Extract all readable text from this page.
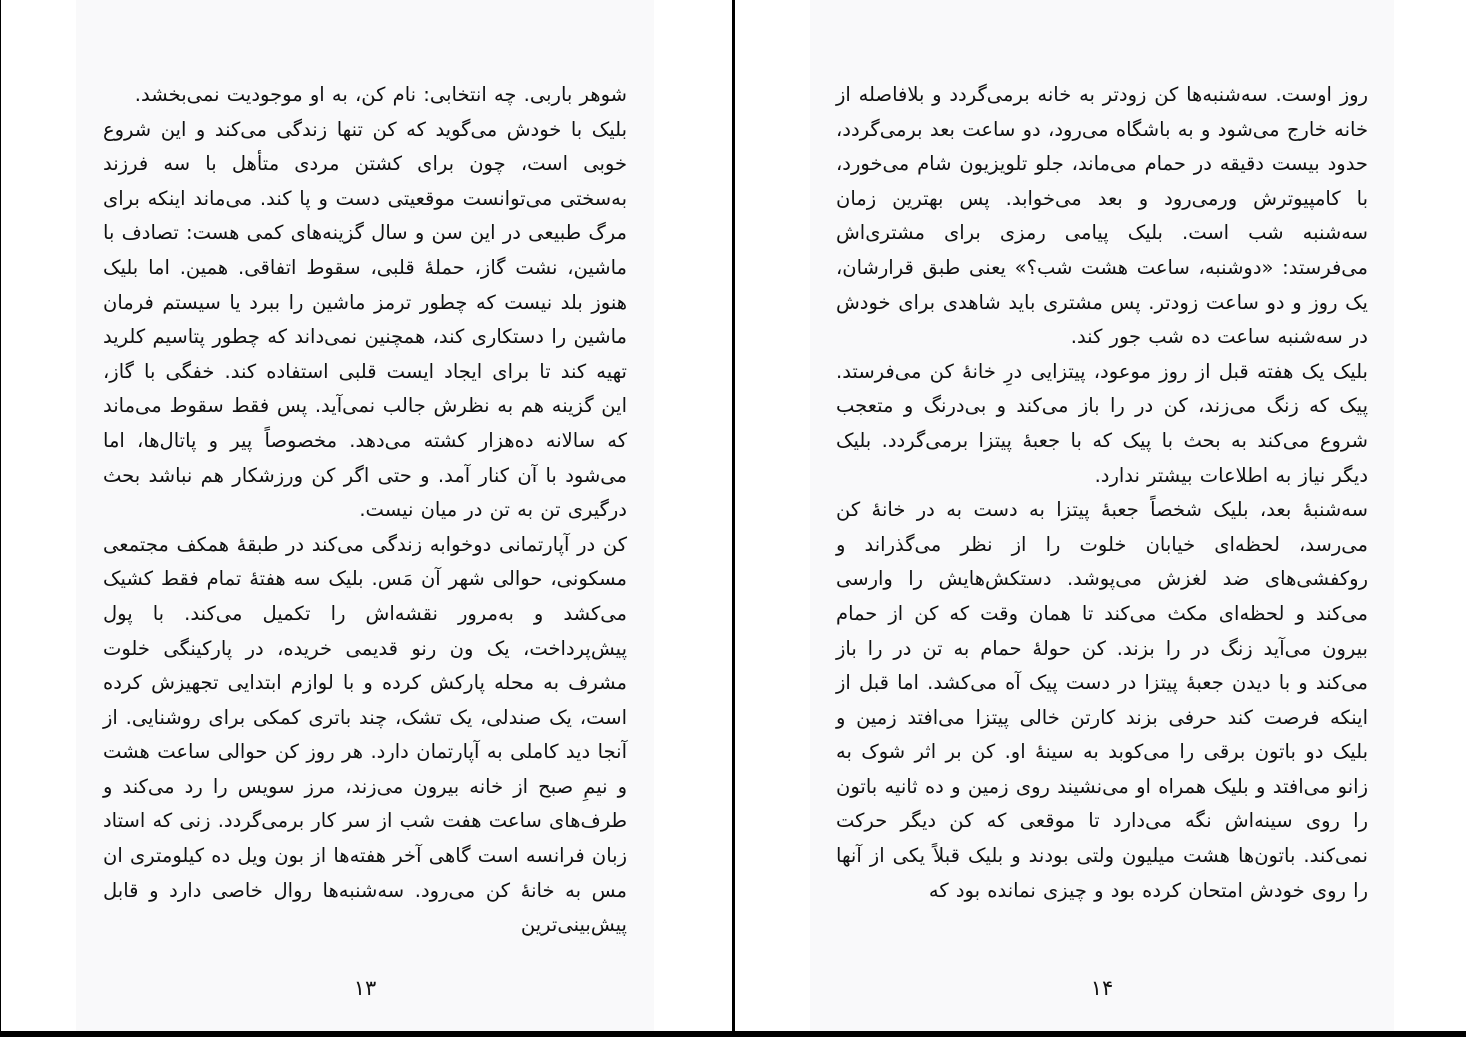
شوهر باربی. چه انتخابی: نام کن، به او موجودیت نمی‌بخشد.

بلیک با خودش می‌گوید که کن تنها زندگی می‌کند و این شروع خوبی است، چون برای کشتن مردی متأهل با سه فرزند به‌سختی می‌توانست موقعیتی دست و پا کند. می‌ماند اینکه برای مرگ طبیعی در این سن و سال گزینه‌های کمی هست: تصادف با ماشین، نشت گاز، حملهٔ قلبی، سقوط اتفاقی. همین. اما بلیک هنوز بلد نیست که چطور ترمز ماشین را ببرد یا سیستم فرمان ماشین را دستکاری کند، همچنین نمی‌داند که چطور پتاسیم کلرید تهیه کند تا برای ایجاد ایست قلبی استفاده کند. خفگی با گاز، این گزینه هم به نظرش جالب نمی‌آید. پس فقط سقوط می‌ماند که سالانه ده‌هزار کشته می‌دهد. مخصوصاً پیر و پاتال‌ها، اما می‌شود با آن کنار آمد. و حتی اگر کن ورزشکار هم نباشد بحث درگیری تن به تن در میان نیست.

کن در آپارتمانی دوخوابه زندگی می‌کند در طبقهٔ همکف مجتمعی مسکونی، حوالی شهر آن مَس. بلیک سه هفتهٔ تمام فقط کشیک می‌کشد و به‌مرور نقشه‌اش را تکمیل می‌کند. با پول پیش‌پرداخت، یک ون رنو قدیمی خریده، در پارکینگی خلوت مشرف به محله پارکش کرده و با لوازم ابتدایی تجهیزش کرده است، یک صندلی، یک تشک، چند باتری کمکی برای روشنایی. از آنجا دید کاملی به آپارتمان دارد. هر روز کن حوالی ساعت هشت و نیمِ صبح از خانه بیرون می‌زند، مرز سویس را رد می‌کند و طرف‌های ساعت هفت شب از سر کار برمی‌گردد. زنی که استاد زبان فرانسه است گاهی آخر هفته‌ها از بون ویل ده کیلومتری ان مس به خانهٔ کن می‌رود. سه‌شنبه‌ها روال خاصی دارد و قابل پیش‌بینی‌ترین

۱۳

روز اوست. سه‌شنبه‌ها کن زودتر به خانه برمی‌گردد و بلافاصله از خانه خارج می‌شود و به باشگاه می‌رود، دو ساعت بعد برمی‌گردد، حدود بیست دقیقه در حمام می‌ماند، جلو تلویزیون شام می‌خورد، با کامپیوترش ورمی‌رود و بعد می‌خوابد. پس بهترین زمان سه‌شنبه شب است. بلیک پیامی رمزی برای مشتری‌اش می‌فرستد: «دوشنبه، ساعت هشت شب؟» یعنی طبق قرارشان، یک روز و دو ساعت زودتر. پس مشتری باید شاهدی برای خودش در سه‌شنبه ساعت ده شب جور کند.

بلیک یک هفته قبل از روز موعود، پیتزایی درِ خانهٔ کن می‌فرستد. پیک که زنگ می‌زند، کن در را باز می‌کند و بی‌درنگ و متعجب شروع می‌کند به بحث با پیک که با جعبهٔ پیتزا برمی‌گردد. بلیک دیگر نیاز به اطلاعات بیشتر ندارد.

سه‌شنبهٔ بعد، بلیک شخصاً جعبهٔ پیتزا به دست به در خانهٔ کن می‌رسد، لحظه‌ای خیابان خلوت را از نظر می‌گذراند و روکفشی‌های ضد لغزش می‌پوشد. دستکش‌هایش را وارسی می‌کند و لحظه‌ای مکث می‌کند تا همان وقت که کن از حمام بیرون می‌آید زنگ در را بزند. کن حولهٔ حمام به تن در را باز می‌کند و با دیدن جعبهٔ پیتزا در دست پیک آه می‌کشد. اما قبل از اینکه فرصت کند حرفی بزند کارتن خالی پیتزا می‌افتد زمین و بلیک دو باتون برقی را می‌کوبد به سینهٔ او. کن بر اثر شوک به زانو می‌افتد و بلیک همراه او می‌نشیند روی زمین و ده ثانیه باتون را روی سینه‌اش نگه می‌دارد تا موقعی که کن دیگر حرکت نمی‌کند. باتون‌ها هشت میلیون ولتی بودند و بلیک قبلاً یکی از آنها را روی خودش امتحان کرده بود و چیزی نمانده بود که

۱۴
